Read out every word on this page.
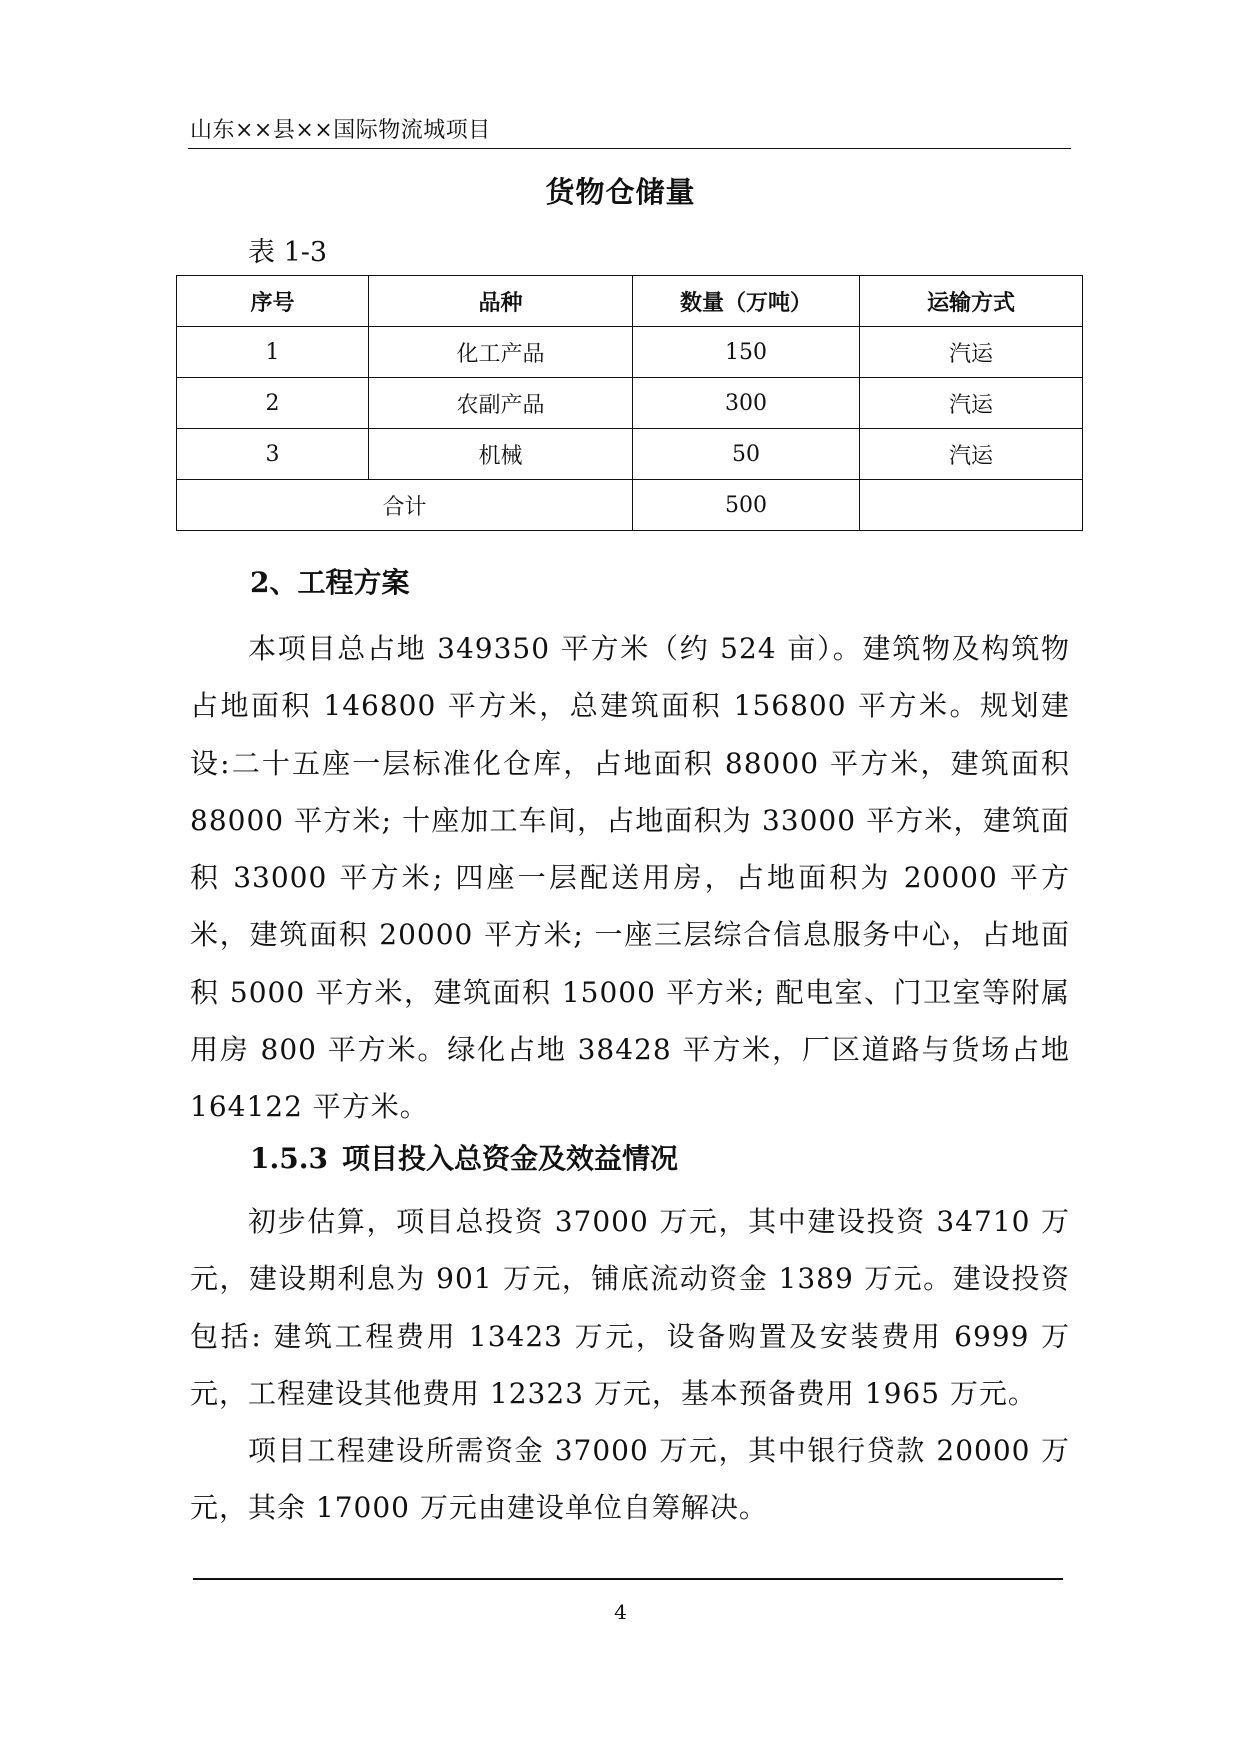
山东××县××国际物流城项目
货物仓储量
表 1-3
序号	品种	数量（万吨）	运输方式
1	化工产品	150	汽运
2	农副产品	300	汽运
3	机械	50	汽运
合计		500	
2、工程方案

本项目总占地 349350 平方米（约 524 亩）。建筑物及构筑物占地面积 146800 平方米，总建筑面积 156800 平方米。规划建设:二十五座一层标准化仓库，占地面积 88000 平方米，建筑面积 88000 平方米; 十座加工车间，占地面积为 33000 平方米，建筑面积 33000 平方米; 四座一层配送用房，占地面积为 20000 平方米，建筑面积 20000 平方米; 一座三层综合信息服务中心，占地面积 5000 平方米，建筑面积 15000 平方米; 配电室、门卫室等附属用房 800 平方米。绿化占地 38428 平方米，厂区道路与货场占地 164122 平方米。

1.5.3 项目投入总资金及效益情况

初步估算，项目总投资 37000 万元，其中建设投资 34710 万元，建设期利息为 901 万元，铺底流动资金 1389 万元。建设投资包括: 建筑工程费用 13423 万元，设备购置及安装费用 6999 万元，工程建设其他费用 12323 万元，基本预备费用 1965 万元。

项目工程建设所需资金 37000 万元，其中银行贷款 20000 万元，其余 17000 万元由建设单位自筹解决。

4
